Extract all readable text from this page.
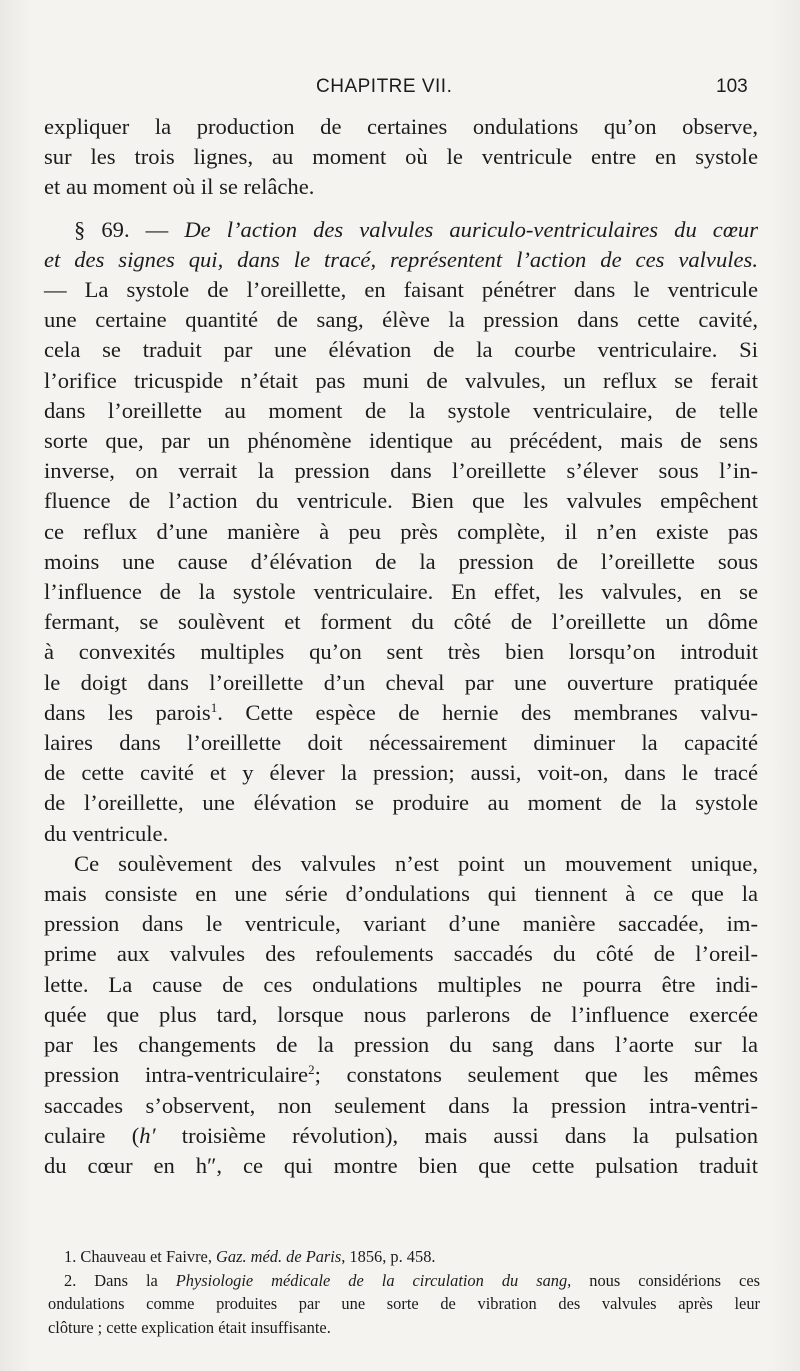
CHAPITRE VII.	103

expliquer la production de certaines ondulations qu’on observe,
sur les trois lignes, au moment où le ventricule entre en systole
et au moment où il se relâche.

§ 69. — De l’action des valvules auriculo-ventriculaires du cœur
et des signes qui, dans le tracé, représentent l’action de ces valvules.
— La systole de l’oreillette, en faisant pénétrer dans le ventricule
une certaine quantité de sang, élève la pression dans cette cavité,
cela se traduit par une élévation de la courbe ventriculaire. Si
l’orifice tricuspide n’était pas muni de valvules, un reflux se ferait
dans l’oreillette au moment de la systole ventriculaire, de telle
sorte que, par un phénomène identique au précédent, mais de sens
inverse, on verrait la pression dans l’oreillette s’élever sous l’in-
fluence de l’action du ventricule. Bien que les valvules empêchent
ce reflux d’une manière à peu près complète, il n’en existe pas
moins une cause d’élévation de la pression de l’oreillette sous
l’influence de la systole ventriculaire. En effet, les valvules, en se
fermant, se soulèvent et forment du côté de l’oreillette un dôme
à convexités multiples qu’on sent très bien lorsqu’on introduit
le doigt dans l’oreillette d’un cheval par une ouverture pratiquée
dans les parois$^1$. Cette espèce de hernie des membranes valvu-
laires dans l’oreillette doit nécessairement diminuer la capacité
de cette cavité et y élever la pression; aussi, voit-on, dans le tracé
de l’oreillette, une élévation se produire au moment de la systole
du ventricule.

Ce soulèvement des valvules n’est point un mouvement unique,
mais consiste en une série d’ondulations qui tiennent à ce que la
pression dans le ventricule, variant d’une manière saccadée, im-
prime aux valvules des refoulements saccadés du côté de l’oreil-
lette. La cause de ces ondulations multiples ne pourra être indi-
quée que plus tard, lorsque nous parlerons de l’influence exercée
par les changements de la pression du sang dans l’aorte sur la
pression intra-ventriculaire$^2$; constatons seulement que les mêmes
saccades s’observent, non seulement dans la pression intra-ventri-
culaire (h′ troisième révolution), mais aussi dans la pulsation
du cœur en h″, ce qui montre bien que cette pulsation traduit

1. Chauveau et Faivre, Gaz. méd. de Paris, 1856, p. 458.
2. Dans la Physiologie médicale de la circulation du sang, nous considérions ces
ondulations comme produites par une sorte de vibration des valvules après leur
clôture ; cette explication était insuffisante.
